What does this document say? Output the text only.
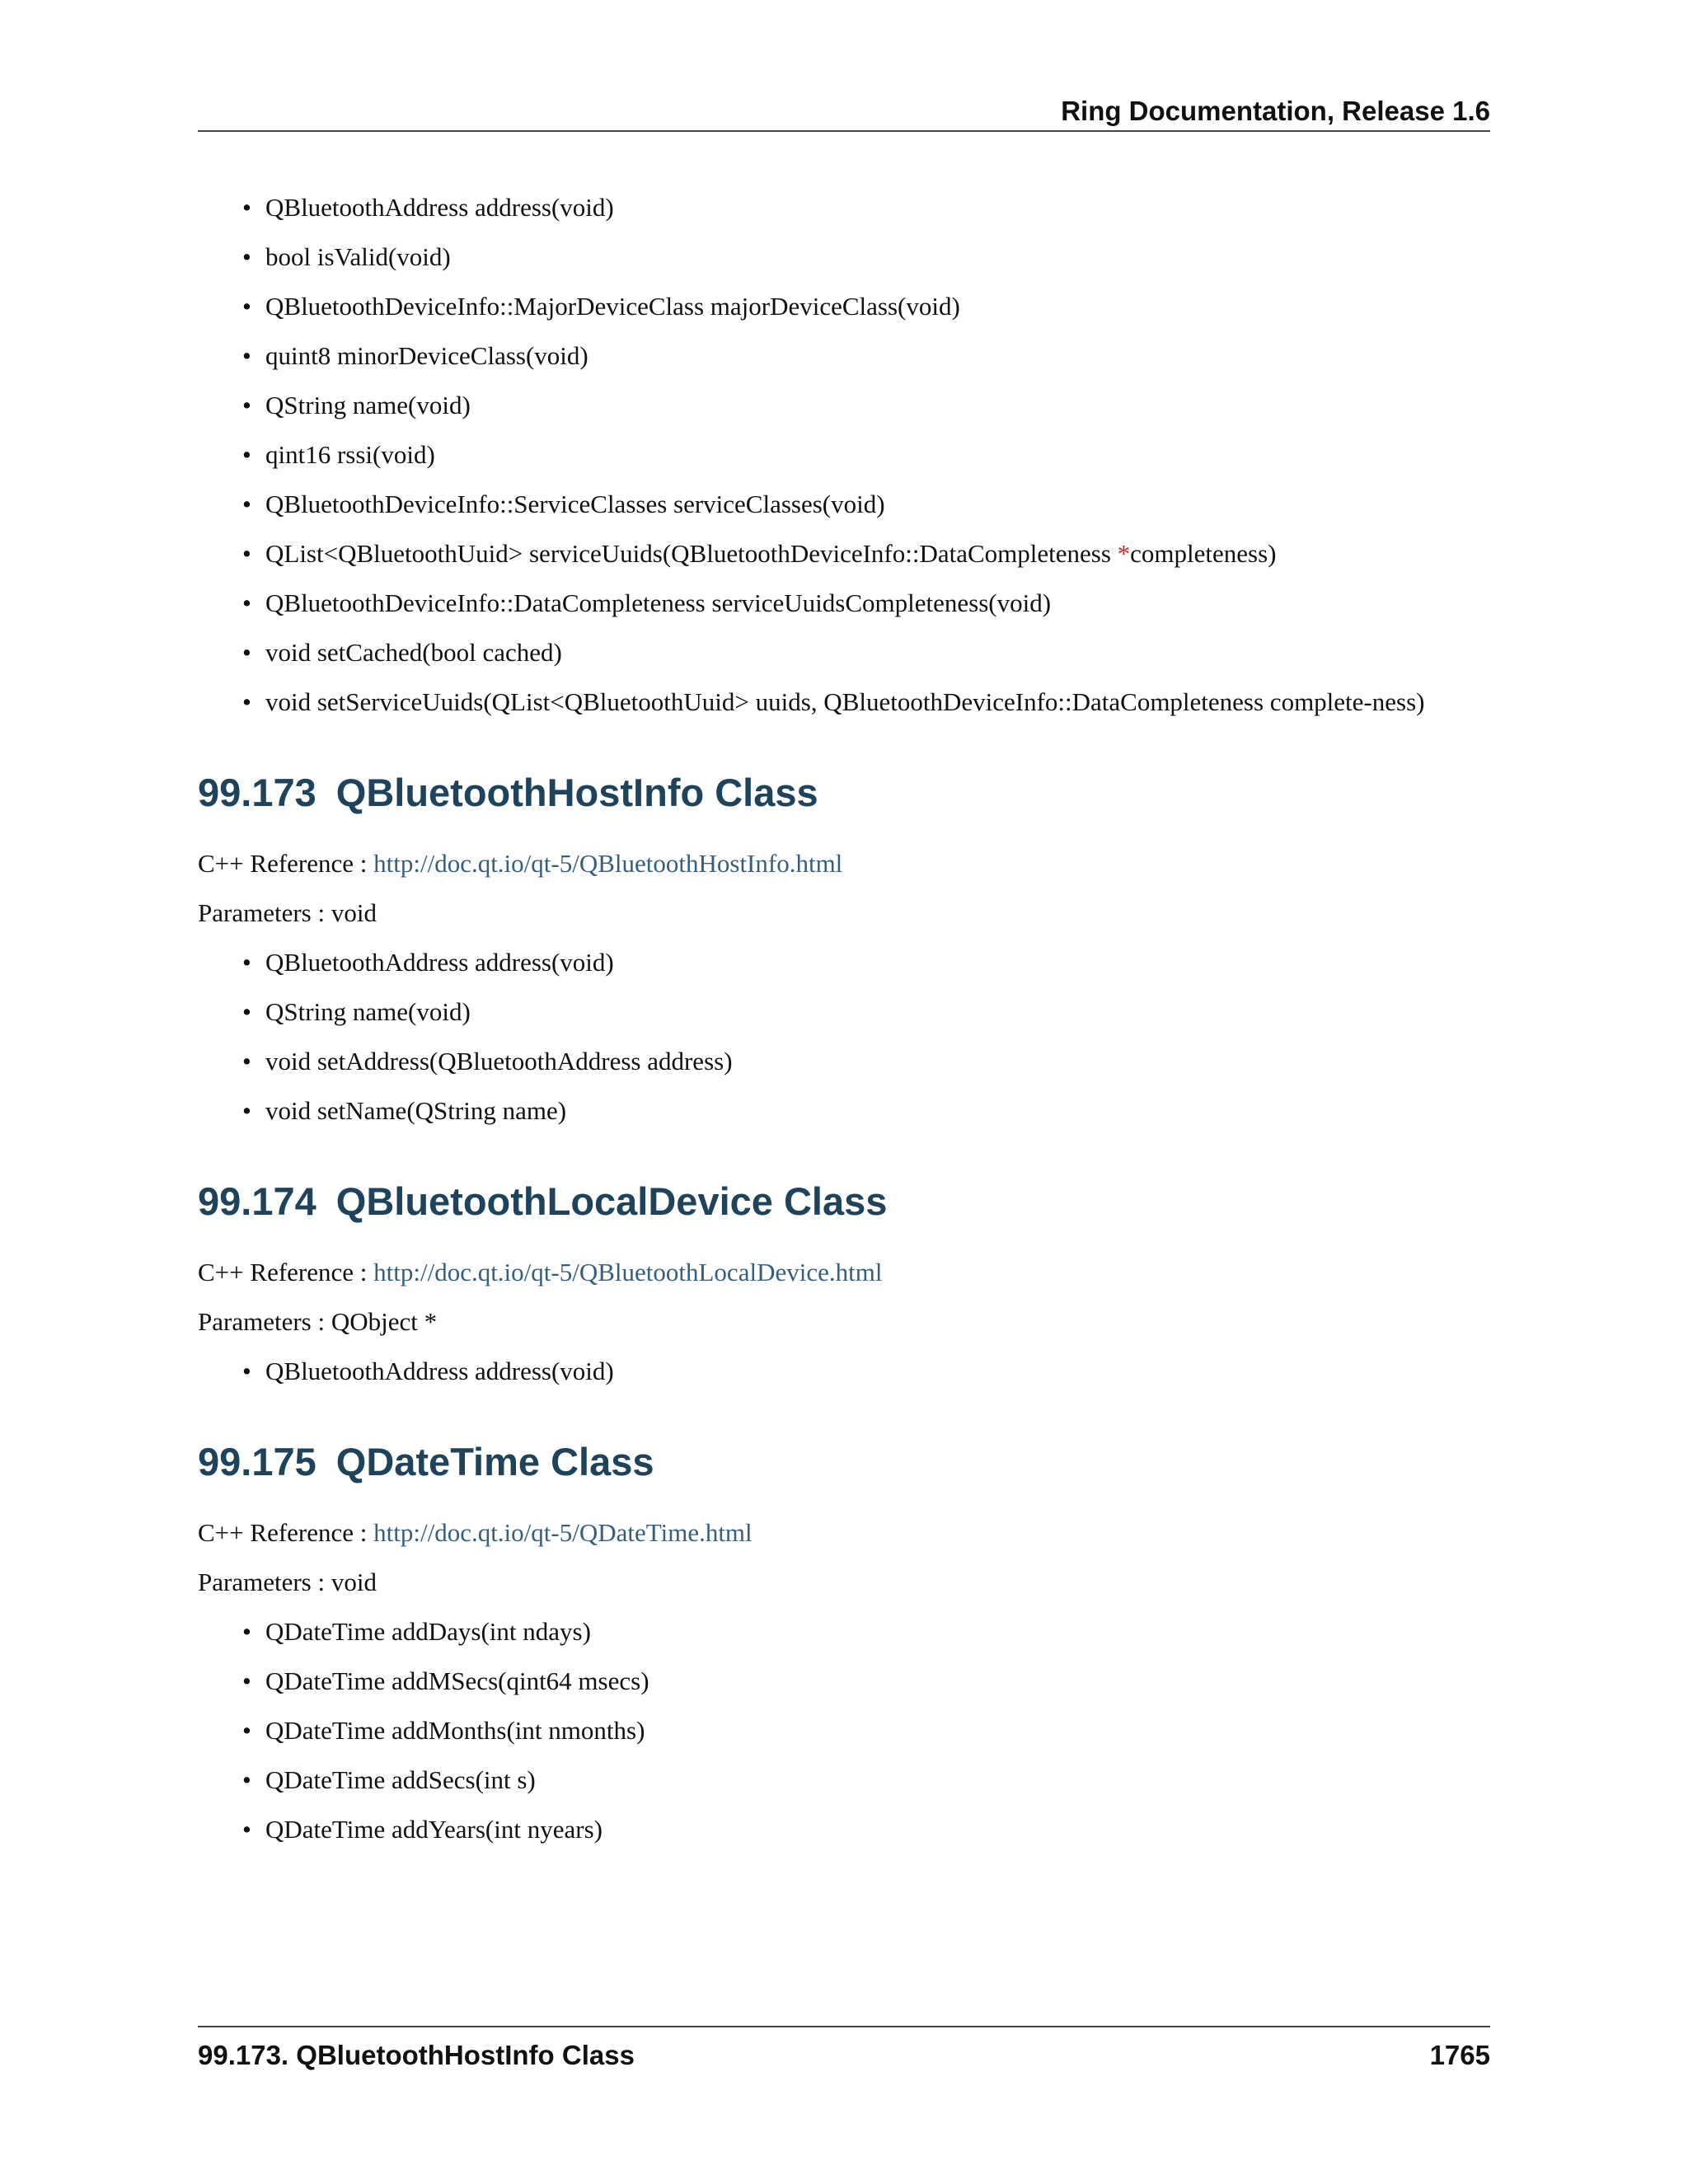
Ring Documentation, Release 1.6
• QBluetoothAddress address(void)
• bool isValid(void)
• QBluetoothDeviceInfo::MajorDeviceClass majorDeviceClass(void)
• quint8 minorDeviceClass(void)
• QString name(void)
• qint16 rssi(void)
• QBluetoothDeviceInfo::ServiceClasses serviceClasses(void)
• QList<QBluetoothUuid> serviceUuids(QBluetoothDeviceInfo::DataCompleteness *completeness)
• QBluetoothDeviceInfo::DataCompleteness serviceUuidsCompleteness(void)
• void setCached(bool cached)
• void setServiceUuids(QList<QBluetoothUuid> uuids, QBluetoothDeviceInfo::DataCompleteness complete-ness)
99.173 QBluetoothHostInfo Class

C++ Reference : http://doc.qt.io/qt-5/QBluetoothHostInfo.html

Parameters : void

• QBluetoothAddress address(void)
• QString name(void)
• void setAddress(QBluetoothAddress address)
• void setName(QString name)
99.174 QBluetoothLocalDevice Class

C++ Reference : http://doc.qt.io/qt-5/QBluetoothLocalDevice.html

Parameters : QObject *

• QBluetoothAddress address(void)
99.175 QDateTime Class

C++ Reference : http://doc.qt.io/qt-5/QDateTime.html

Parameters : void

• QDateTime addDays(int ndays)
• QDateTime addMSecs(qint64 msecs)
• QDateTime addMonths(int nmonths)
• QDateTime addSecs(int s)
• QDateTime addYears(int nyears)
99.173. QBluetoothHostInfo Class	1765
